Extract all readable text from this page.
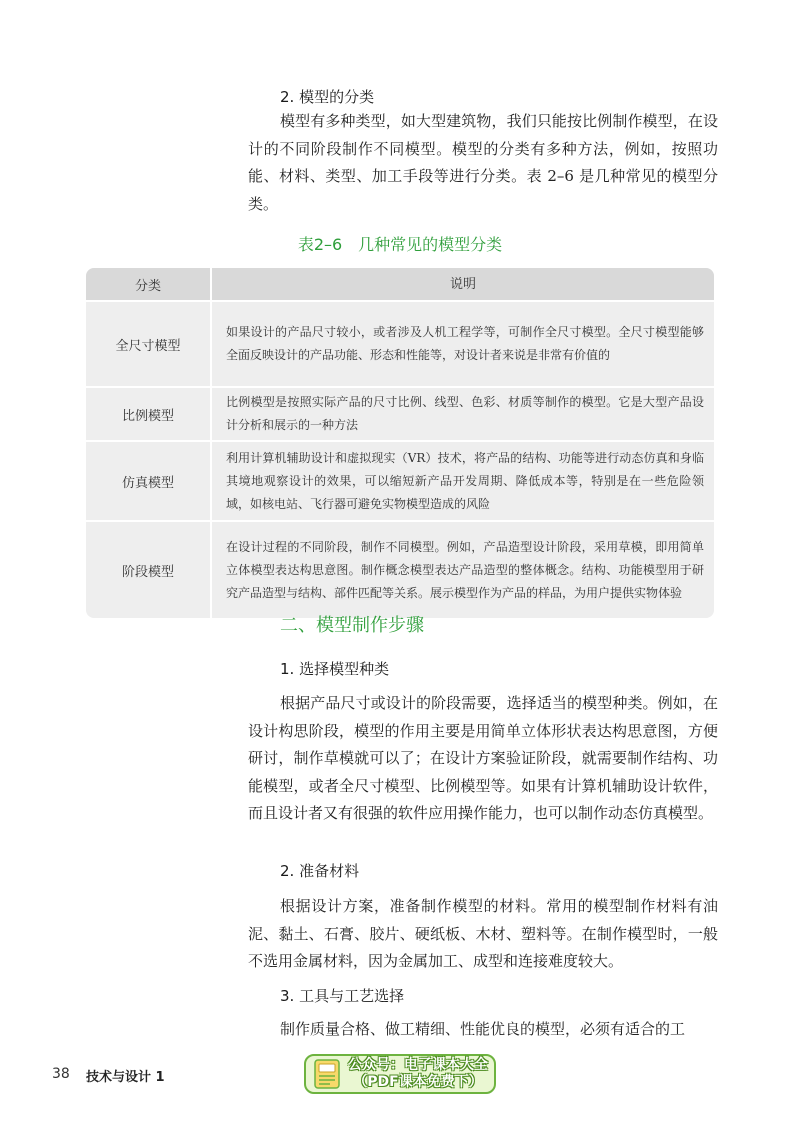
2. 模型的分类

模型有多种类型，如大型建筑物，我们只能按比例制作模型，在设计的不同阶段制作不同模型。模型的分类有多种方法，例如，按照功能、材料、类型、加工手段等进行分类。表 2–6 是几种常见的模型分类。

表2–6　几种常见的模型分类
分类	说明
全尺寸模型
如果设计的产品尺寸较小，或者涉及人机工程学等，可制作全尺寸模型。全尺寸模型能够全面反映设计的产品功能、形态和性能等，对设计者来说是非常有价值的
比例模型
比例模型是按照实际产品的尺寸比例、线型、色彩、材质等制作的模型。它是大型产品设计分析和展示的一种方法
仿真模型
利用计算机辅助设计和虚拟现实（VR）技术，将产品的结构、功能等进行动态仿真和身临其境地观察设计的效果，可以缩短新产品开发周期、降低成本等，特别是在一些危险领域，如核电站、飞行器可避免实物模型造成的风险
阶段模型
在设计过程的不同阶段，制作不同模型。例如，产品造型设计阶段，采用草模，即用简单立体模型表达构思意图。制作概念模型表达产品造型的整体概念。结构、功能模型用于研究产品造型与结构、部件匹配等关系。展示模型作为产品的样品，为用户提供实物体验
二、模型制作步骤
1. 选择模型种类

根据产品尺寸或设计的阶段需要，选择适当的模型种类。例如，在设计构思阶段，模型的作用主要是用简单立体形状表达构思意图，方便研讨，制作草模就可以了；在设计方案验证阶段，就需要制作结构、功能模型，或者全尺寸模型、比例模型等。如果有计算机辅助设计软件，而且设计者又有很强的软件应用操作能力，也可以制作动态仿真模型。

2. 准备材料

根据设计方案，准备制作模型的材料。常用的模型制作材料有油泥、黏土、石膏、胶片、硬纸板、木材、塑料等。在制作模型时，一般不选用金属材料，因为金属加工、成型和连接难度较大。

3. 工具与工艺选择

制作质量合格、做工精细、性能优良的模型，必须有适合的工

38 技术与设计 1
公众号：电子课本大全
（PDF课本免费下）
